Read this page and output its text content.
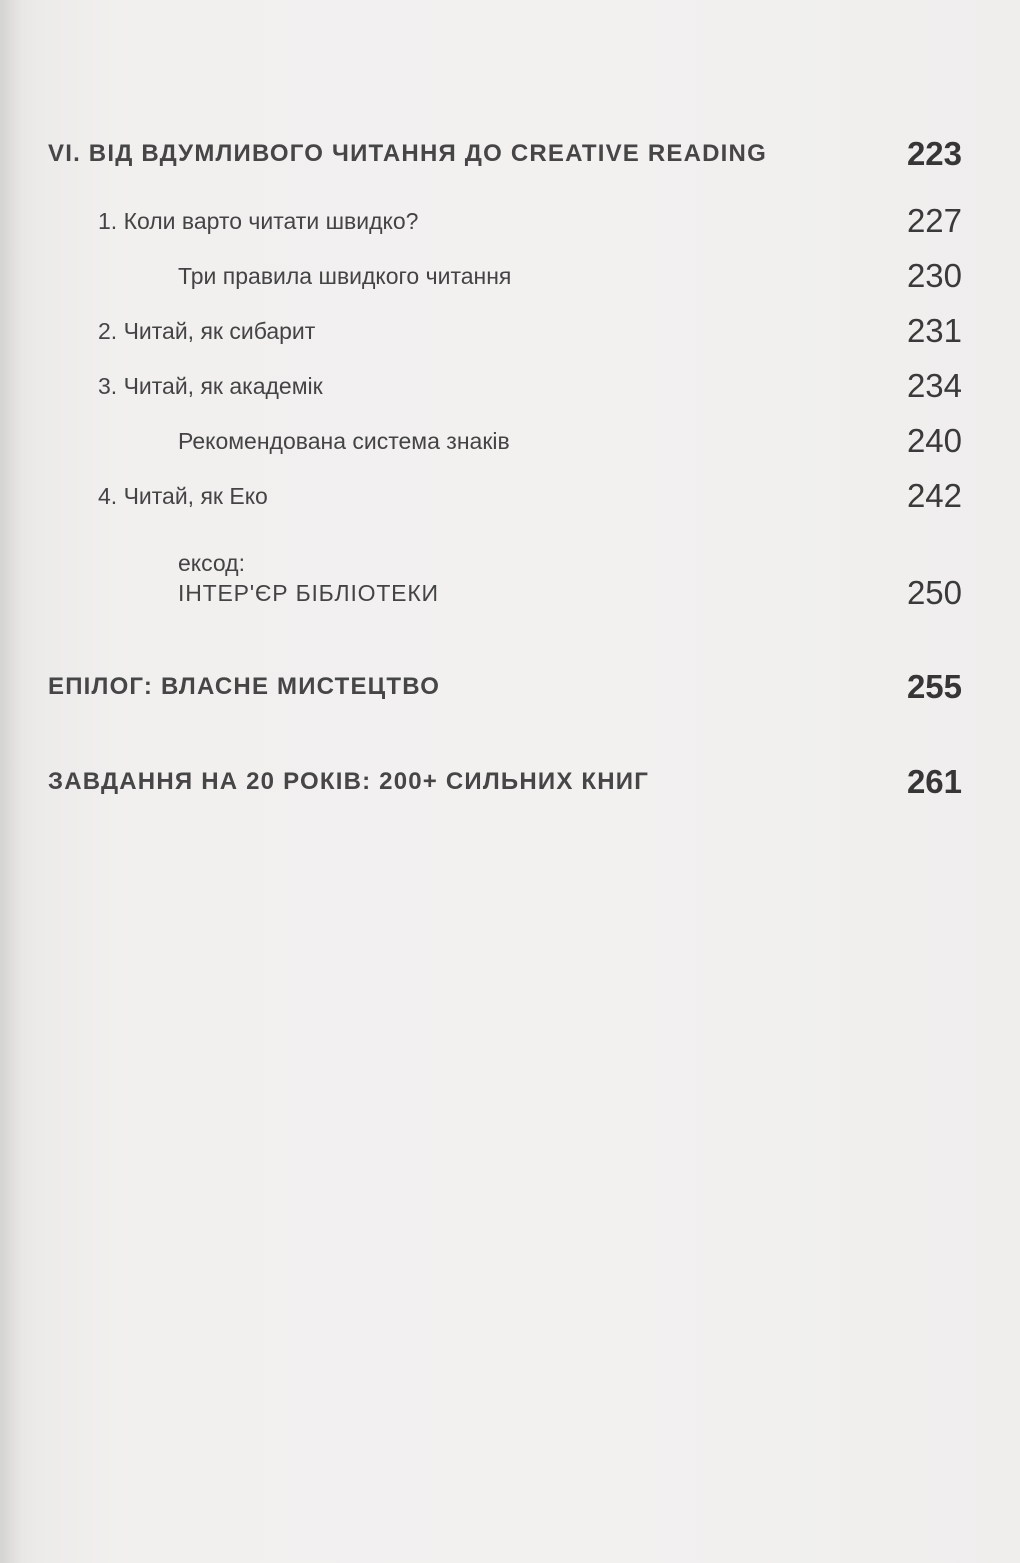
VI. ВІД ВДУМЛИВОГО ЧИТАННЯ ДО CREATIVE READING	223
1. Коли варто читати швидко?	227
Три правила швидкого читання	230
2. Читай, як сибарит	231
3. Читай, як академік	234
Рекомендована система знаків	240
4. Читай, як Еко	242
ексод:
ІНТЕР'ЄР БІБЛІОТЕКИ	250
ЕПІЛОГ: ВЛАСНЕ МИСТЕЦТВО	255
ЗАВДАННЯ НА 20 РОКІВ: 200+ СИЛЬНИХ КНИГ	261
